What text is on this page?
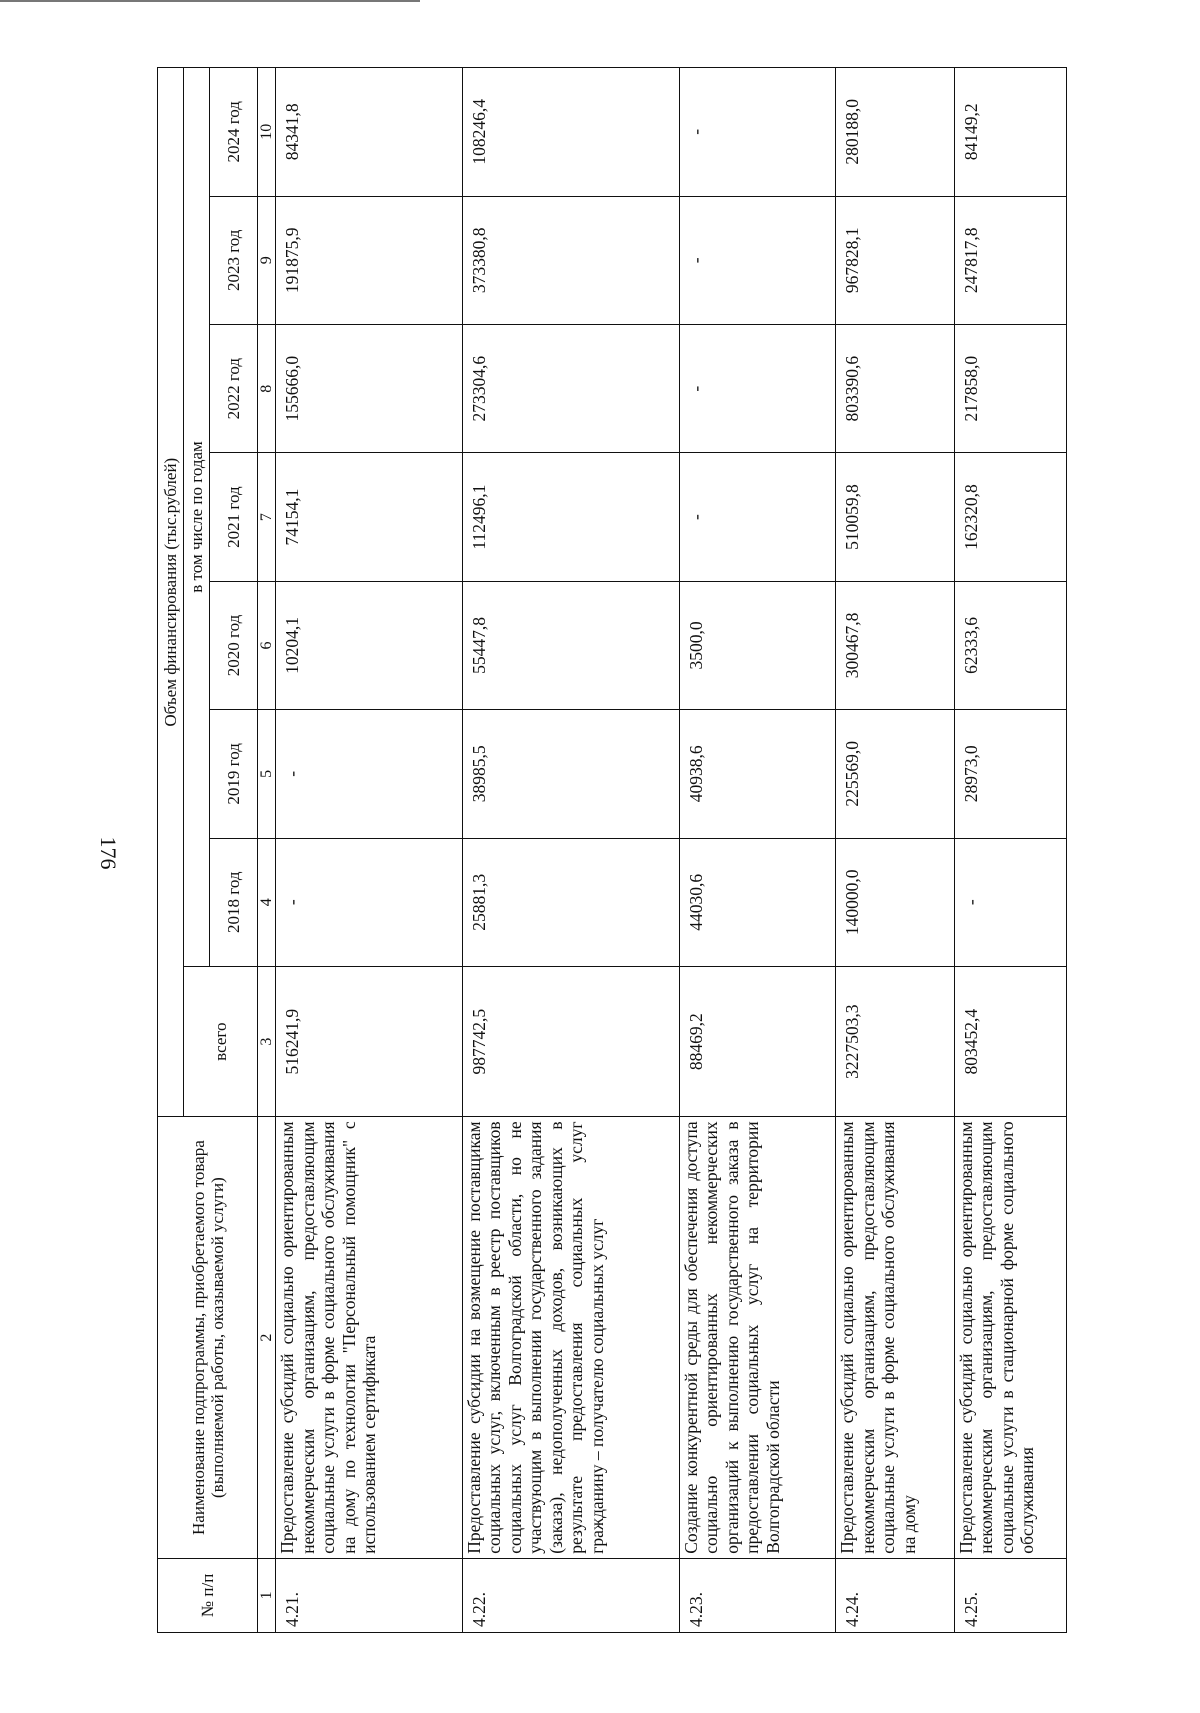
176
№ п/п	Наименование подпрограммы, приобретаемого товара (выполняемой работы, оказываемой услуги)	Объем финансирования (тыс.рублей)							
		всего	в том числе по годам						
			2018 год	2019 год	2020 год	2021 год	2022 год	2023 год	2024 год
1	2	3	4	5	6	7	8	9	10
4.21.	Предоставление субсидий социально ориентированным некоммерческим организациям, предоставляющим социальные услуги в форме социального обслуживания на дому по технологии "Персональный помощник" с использованием сертификата	516241,9	-	-	10204,1	74154,1	155666,0	191875,9	84341,8
4.22.	Предоставление субсидии на возмещение поставщикам социальных услуг, включенным в реестр поставщиков социальных услуг Волгоградской области, но не участвующим в выполнении государственного задания (заказа), недополученных доходов, возникающих в результате предоставления социальных услуг гражданину – получателю социальных услуг	987742,5	25881,3	38985,5	55447,8	112496,1	273304,6	373380,8	108246,4
4.23.	Создание конкурентной среды для обеспечения доступа социально ориентированных некоммерческих организаций к выполнению государственного заказа в предоставлении социальных услуг на территории Волгоградской области	88469,2	44030,6	40938,6	3500,0	-	-	-	-
4.24.	Предоставление субсидий социально ориентированным некоммерческим организациям, предоставляющим социальные услуги в форме социального обслуживания на дому	3227503,3	140000,0	225569,0	300467,8	510059,8	803390,6	967828,1	280188,0
4.25.	Предоставление субсидий социально ориентированным некоммерческим организациям, предоставляющим социальные услуги в стационарной форме социального обслуживания	803452,4	-	28973,0	62333,6	162320,8	217858,0	247817,8	84149,2
